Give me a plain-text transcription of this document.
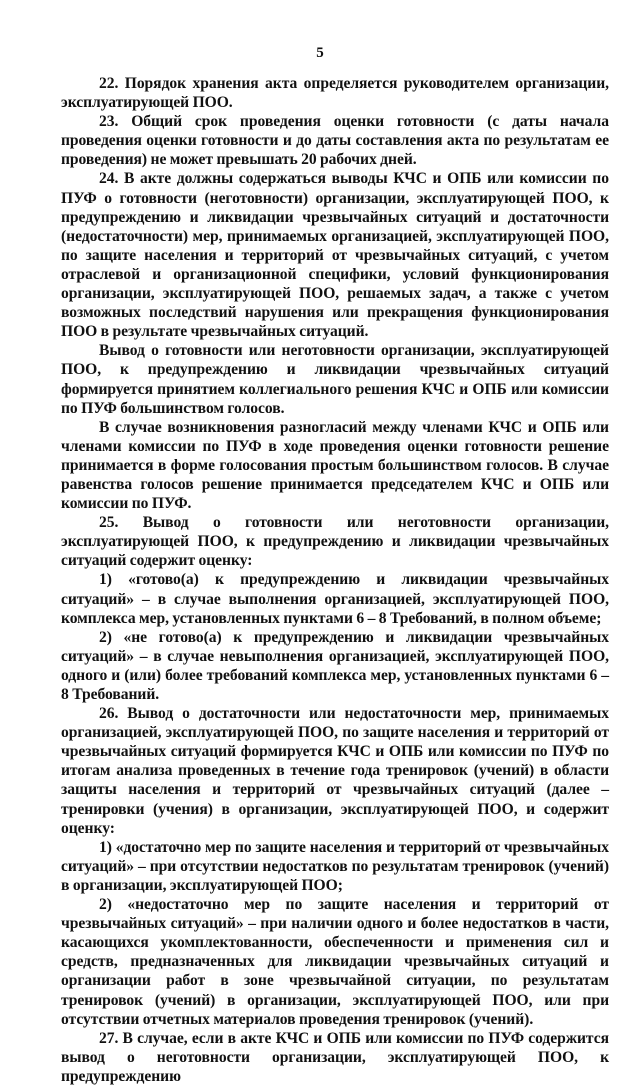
5

22. Порядок хранения акта определяется руководителем организации, эксплуатирующей ПОО.

23. Общий срок проведения оценки готовности (с даты начала проведения оценки готовности и до даты составления акта по результатам ее проведения) не может превышать 20 рабочих дней.

24. В акте должны содержаться выводы КЧС и ОПБ или комиссии по ПУФ о готовности (неготовности) организации, эксплуатирующей ПОО, к предупреждению и ликвидации чрезвычайных ситуаций и достаточности (недостаточности) мер, принимаемых организацией, эксплуатирующей ПОО, по защите населения и территорий от чрезвычайных ситуаций, с учетом отраслевой и организационной специфики, условий функционирования организации, эксплуатирующей ПОО, решаемых задач, а также с учетом возможных последствий нарушения или прекращения функционирования ПОО в результате чрезвычайных ситуаций.

Вывод о готовности или неготовности организации, эксплуатирующей ПОО, к предупреждению и ликвидации чрезвычайных ситуаций формируется принятием коллегиального решения КЧС и ОПБ или комиссии по ПУФ большинством голосов.

В случае возникновения разногласий между членами КЧС и ОПБ или членами комиссии по ПУФ в ходе проведения оценки готовности решение принимается в форме голосования простым большинством голосов. В случае равенства голосов решение принимается председателем КЧС и ОПБ или комиссии по ПУФ.

25. Вывод о готовности или неготовности организации, эксплуатирующей ПОО, к предупреждению и ликвидации чрезвычайных ситуаций содержит оценку:

1) «готово(а) к предупреждению и ликвидации чрезвычайных ситуаций» – в случае выполнения организацией, эксплуатирующей ПОО, комплекса мер, установленных пунктами 6 – 8 Требований, в полном объеме;

2) «не готово(а) к предупреждению и ликвидации чрезвычайных ситуаций» – в случае невыполнения организацией, эксплуатирующей ПОО, одного и (или) более требований комплекса мер, установленных пунктами 6 – 8 Требований.

26. Вывод о достаточности или недостаточности мер, принимаемых организацией, эксплуатирующей ПОО, по защите населения и территорий от чрезвычайных ситуаций формируется КЧС и ОПБ или комиссии по ПУФ по итогам анализа проведенных в течение года тренировок (учений) в области защиты населения и территорий от чрезвычайных ситуаций (далее – тренировки (учения) в организации, эксплуатирующей ПОО, и содержит оценку:

1) «достаточно мер по защите населения и территорий от чрезвычайных ситуаций» – при отсутствии недостатков по результатам тренировок (учений) в организации, эксплуатирующей ПОО;

2) «недостаточно мер по защите населения и территорий от чрезвычайных ситуаций» – при наличии одного и более недостатков в части, касающихся укомплектованности, обеспеченности и применения сил и средств, предназначенных для ликвидации чрезвычайных ситуаций и организации работ в зоне чрезвычайной ситуации, по результатам тренировок (учений) в организации, эксплуатирующей ПОО, или при отсутствии отчетных материалов проведения тренировок (учений).

27. В случае, если в акте КЧС и ОПБ или комиссии по ПУФ содержится вывод о неготовности организации, эксплуатирующей ПОО, к предупреждению
